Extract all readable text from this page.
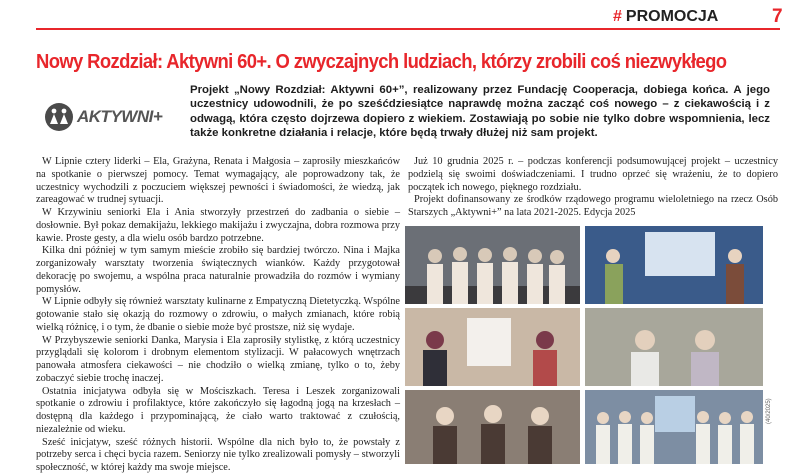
# PROMOCJA	7
Nowy Rozdział: Aktywni 60+. O zwyczajnych ludziach, którzy zrobili coś niezwykłego
AKTYWNI+
Projekt „Nowy Rozdział: Aktywni 60+”, realizowany przez Fundację Cooperacja, dobiega końca. A jego uczestnicy udowodnili, że po sześćdziesiątce naprawdę można zacząć coś nowego – z ciekawością i z odwagą, która często dojrzewa dopiero z wiekiem. Zostawiają po sobie nie tylko dobre wspomnienia, lecz także konkretne działania i relacje, które będą trwały dłużej niż sam projekt.

W Lipnie cztery liderki – Ela, Grażyna, Renata i Małgosia – zaprosiły mieszkańców na spotkanie o pierwszej pomocy. Temat wymagający, ale poprowadzony tak, że uczestnicy wychodzili z poczuciem większej pewności i świadomości, że wiedzą, jak zareagować w trudnej sytuacji.

W Krzywiniu seniorki Ela i Ania stworzyły przestrzeń do zadbania o siebie – dosłownie. Był pokaz demakijażu, lekkiego makijażu i zwyczajna, dobra rozmowa przy kawie. Proste gesty, a dla wielu osób bardzo potrzebne.

Kilka dni później w tym samym mieście zrobiło się bardziej twórczo. Nina i Majka zorganizowały warsztaty tworzenia świątecznych wianków. Każdy przygotował dekorację po swojemu, a wspólna praca naturalnie prowadziła do rozmów i wymiany pomysłów.

W Lipnie odbyły się również warsztaty kulinarne z Empatyczną Dietetyczką. Wspólne gotowanie stało się okazją do rozmowy o zdrowiu, o małych zmianach, które robią wielką różnicę, i o tym, że dbanie o siebie może być prostsze, niż się wydaje.

W Przybyszewie seniorki Danka, Marysia i Ela zaprosiły stylistkę, z którą uczestnicy przyglądali się kolorom i drobnym elementom stylizacji. W pałacowych wnętrzach panowała atmosfera ciekawości – nie chodziło o wielką zmianę, tylko o to, żeby zobaczyć siebie trochę inaczej.

Ostatnia inicjatywa odbyła się w Mościszkach. Teresa i Leszek zorganizowali spotkanie o zdrowiu i profilaktyce, które zakończyło się łagodną jogą na krzesłach – dostępną dla każdego i przypominającą, że ciało warto traktować z czułością, niezależnie od wieku.

Sześć inicjatyw, sześć różnych historii. Wspólne dla nich było to, że powstały z potrzeby serca i chęci bycia razem. Seniorzy nie tylko zrealizowali pomysły – stworzyli społeczność, w której każdy ma swoje miejsce.

Już 10 grudnia 2025 r. – podczas konferencji podsumowującej projekt – uczestnicy podzielą się swoimi doświadczeniami. I trudno oprzeć się wrażeniu, że to dopiero początek ich nowego, pięknego rozdziału.

Projekt dofinansowany ze środków rządowego programu wieloletniego na rzecz Osób Starszych „Aktywni+” na lata 2021-2025. Edycja 2025

(40/2025)
